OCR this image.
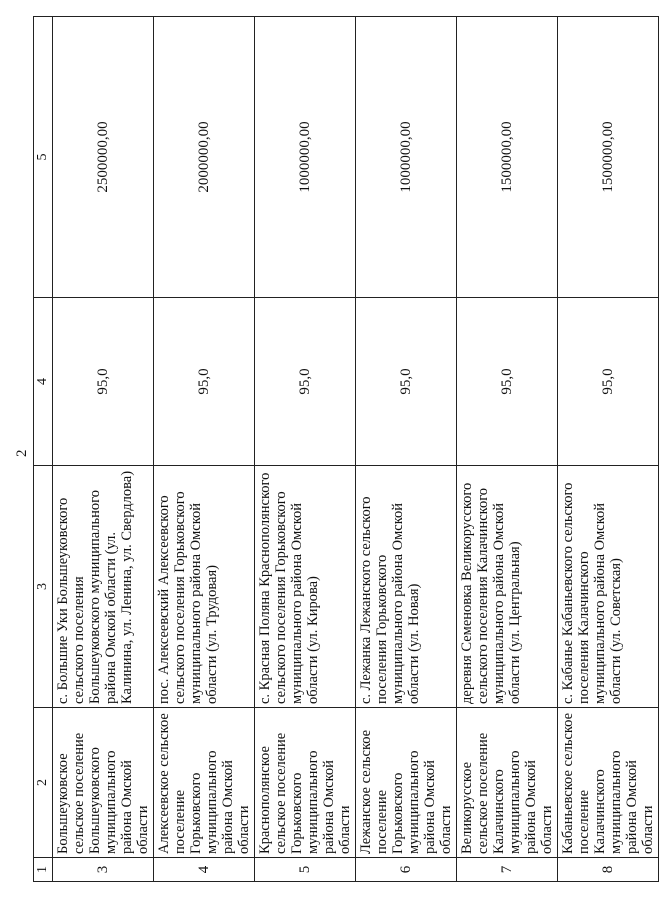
2
1	2	3	4	5
3	Большеуковское сельское поселение Большеуковского муниципального района Омской области	с. Большие Уки Большеуковского сельского поселения Большеуковского муниципального района Омской области (ул. Калинина, ул. Ленина, ул. Свердлова)	95,0	2500000,00
4	Алексеевское сельское поселение Горьковского муниципального района Омской области	пос. Алексеевский Алексеевского сельского поселения Горьковского муниципального района Омской области (ул. Трудовая)	95,0	2000000,00
5	Краснополянское сельское поселение Горьковского муниципального района Омской области	с. Красная Поляна Краснополянского сельского поселения Горьковского муниципального района Омской области (ул. Кирова)	95,0	1000000,00
6	Лежанское сельское поселение Горьковского муниципального района Омской области	с. Лежанка Лежанского сельского поселения Горьковского муниципального района Омской области (ул. Новая)	95,0	1000000,00
7	Великорусское сельское поселение Калачинского муниципального района Омской области	деревня Семеновка Великорусского сельского поселения Калачинского муниципального района Омской области (ул. Центральная)	95,0	1500000,00
8	Кабаньевское сельское поселение Калачинского муниципального района Омской области	с. Кабанье Кабаньевского сельского поселения Калачинского муниципального района Омской области (ул. Советская)	95,0	1500000,00
